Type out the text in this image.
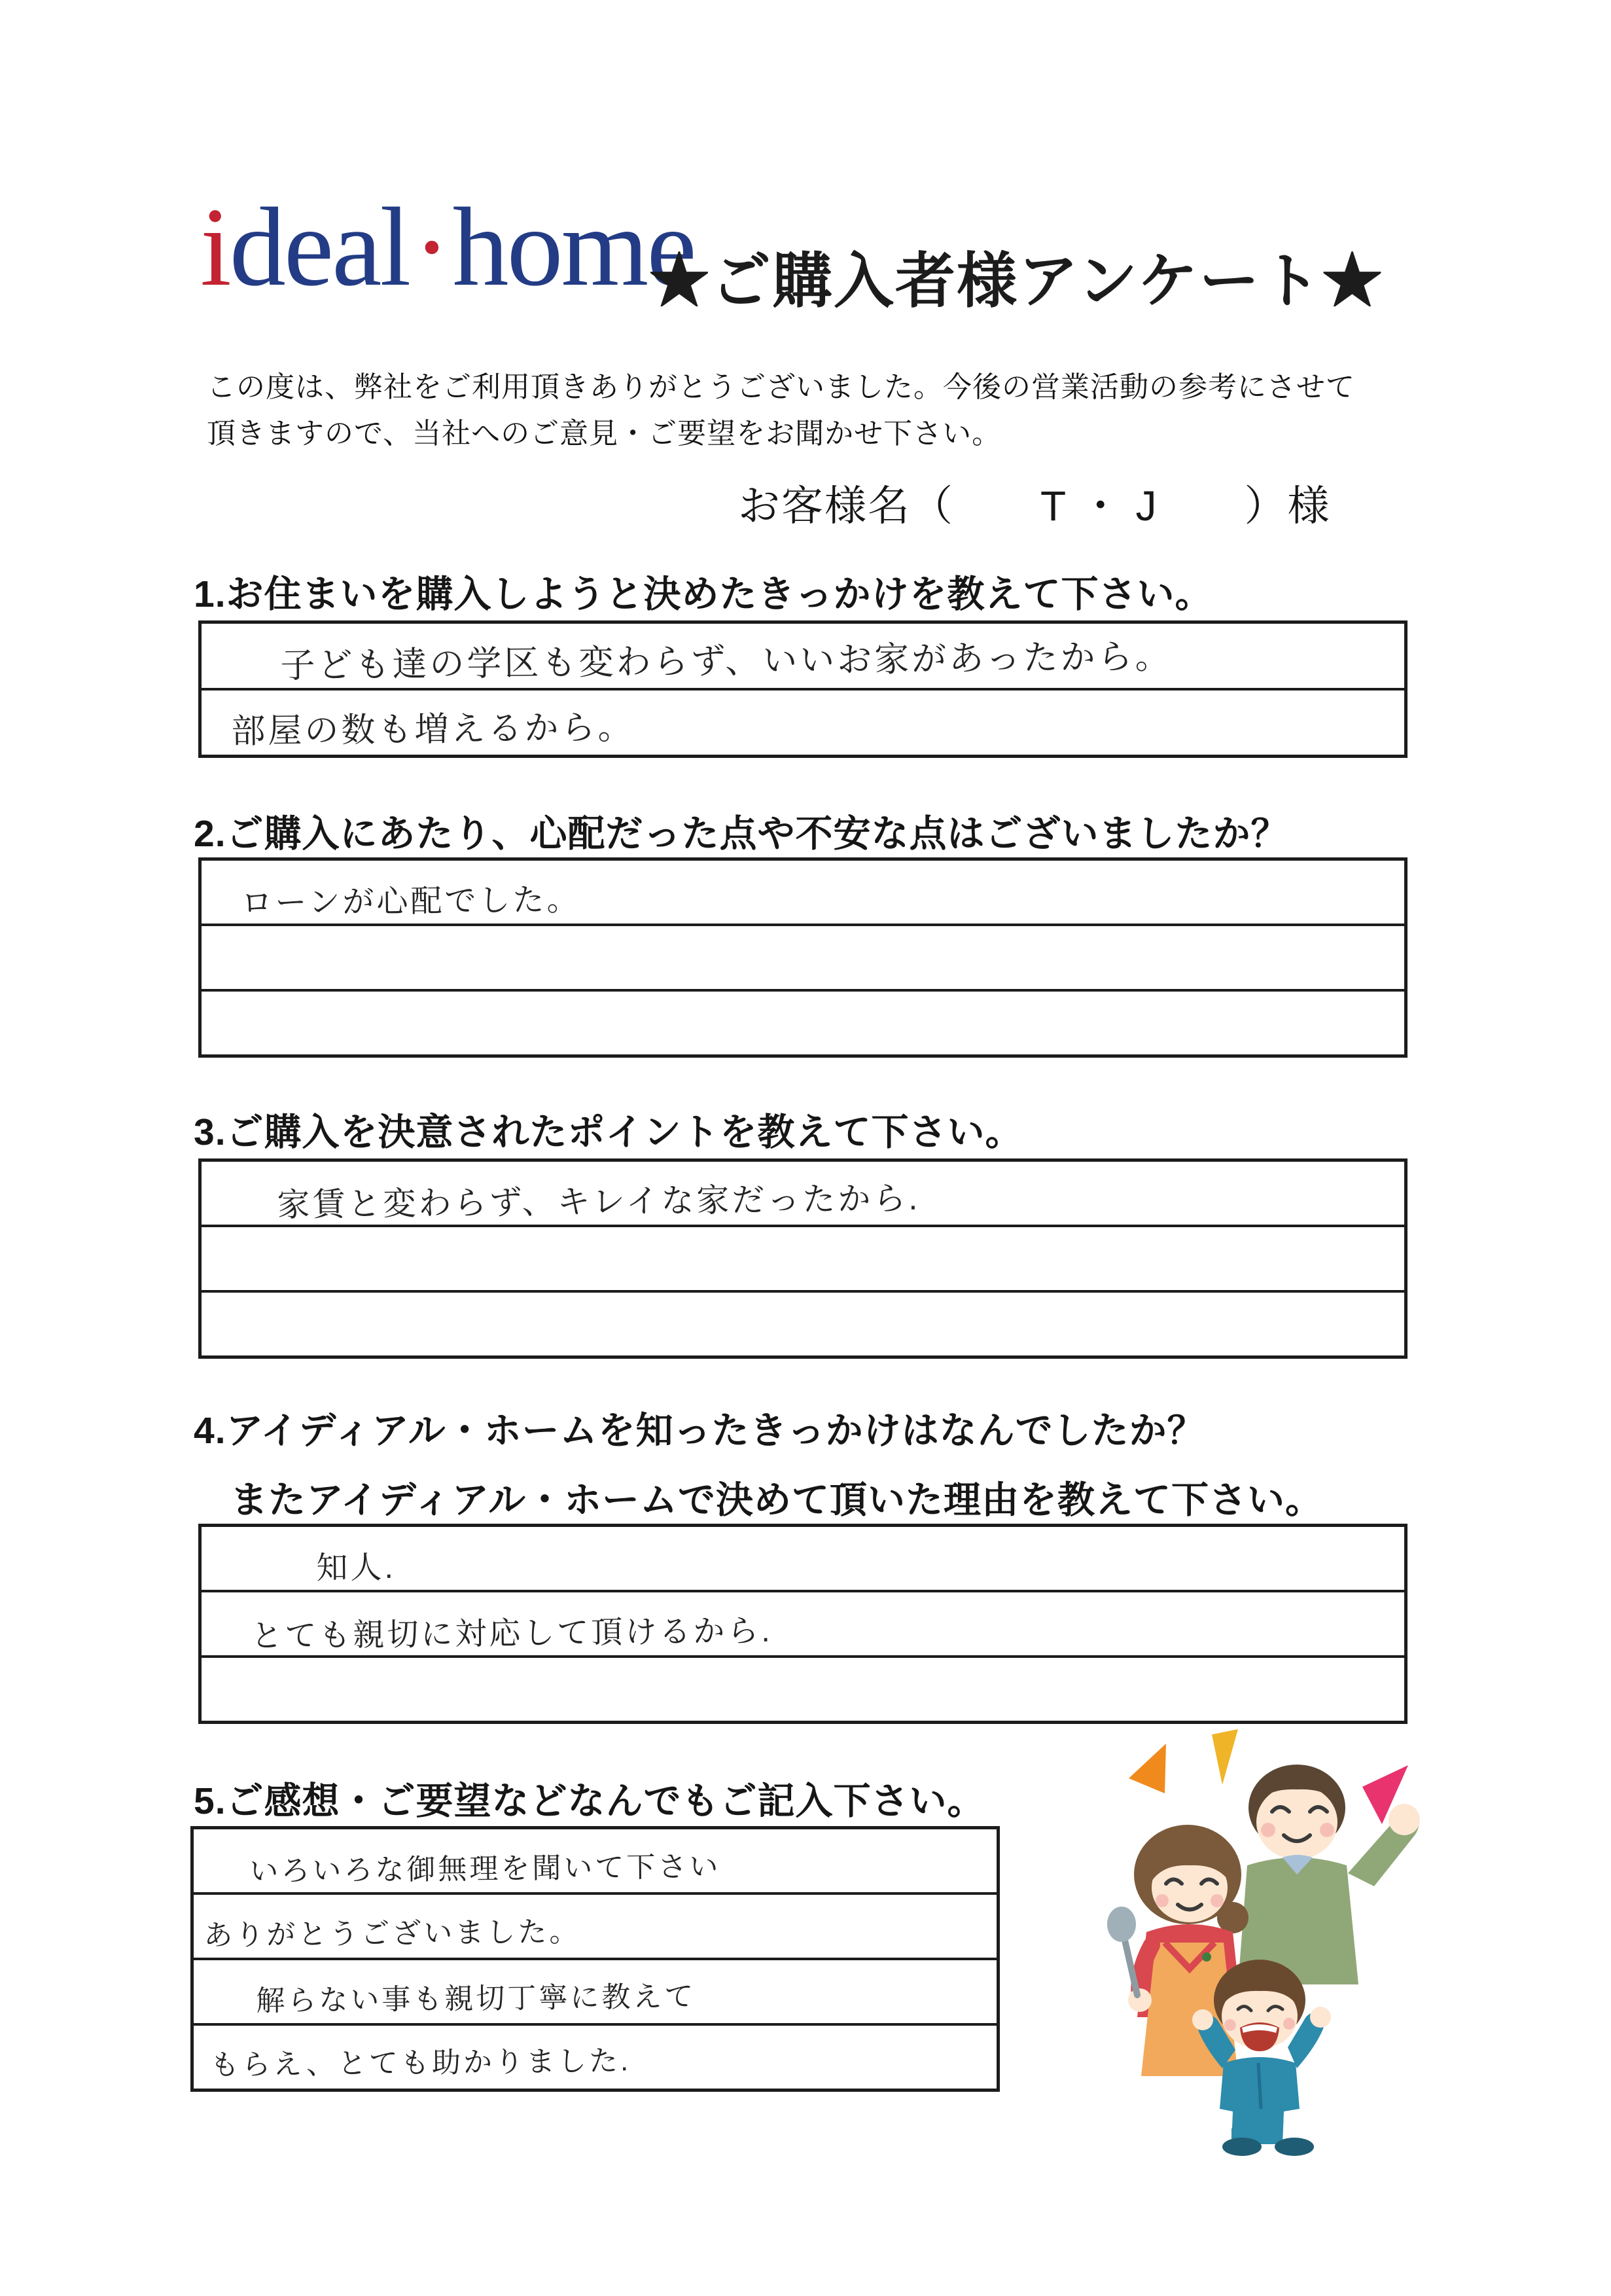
ideal·home
★ご購入者様アンケート★
この度は、弊社をご利用頂きありがとうございました。今後の営業活動の参考にさせて
頂きますので、当社へのご意見・ご要望をお聞かせ下さい。
お客様名（　　T ・ J　　）様
1.お住まいを購入しようと決めたきっかけを教えて下さい。
子ども達の学区も変わらず、いいお家があったから。
部屋の数も増えるから。
2.ご購入にあたり、心配だった点や不安な点はございましたか？
ローンが心配でした。
3.ご購入を決意されたポイントを教えて下さい。
家賃と変わらず、キレイな家だったから.
4.アイディアル・ホームを知ったきっかけはなんでしたか？
またアイディアル・ホームで決めて頂いた理由を教えて下さい。
知人.
とても親切に対応して頂けるから.
5.ご感想・ご要望などなんでもご記入下さい。
いろいろな御無理を聞いて下さい
ありがとうございました。
解らない事も親切丁寧に教えて
もらえ、とても助かりました.
